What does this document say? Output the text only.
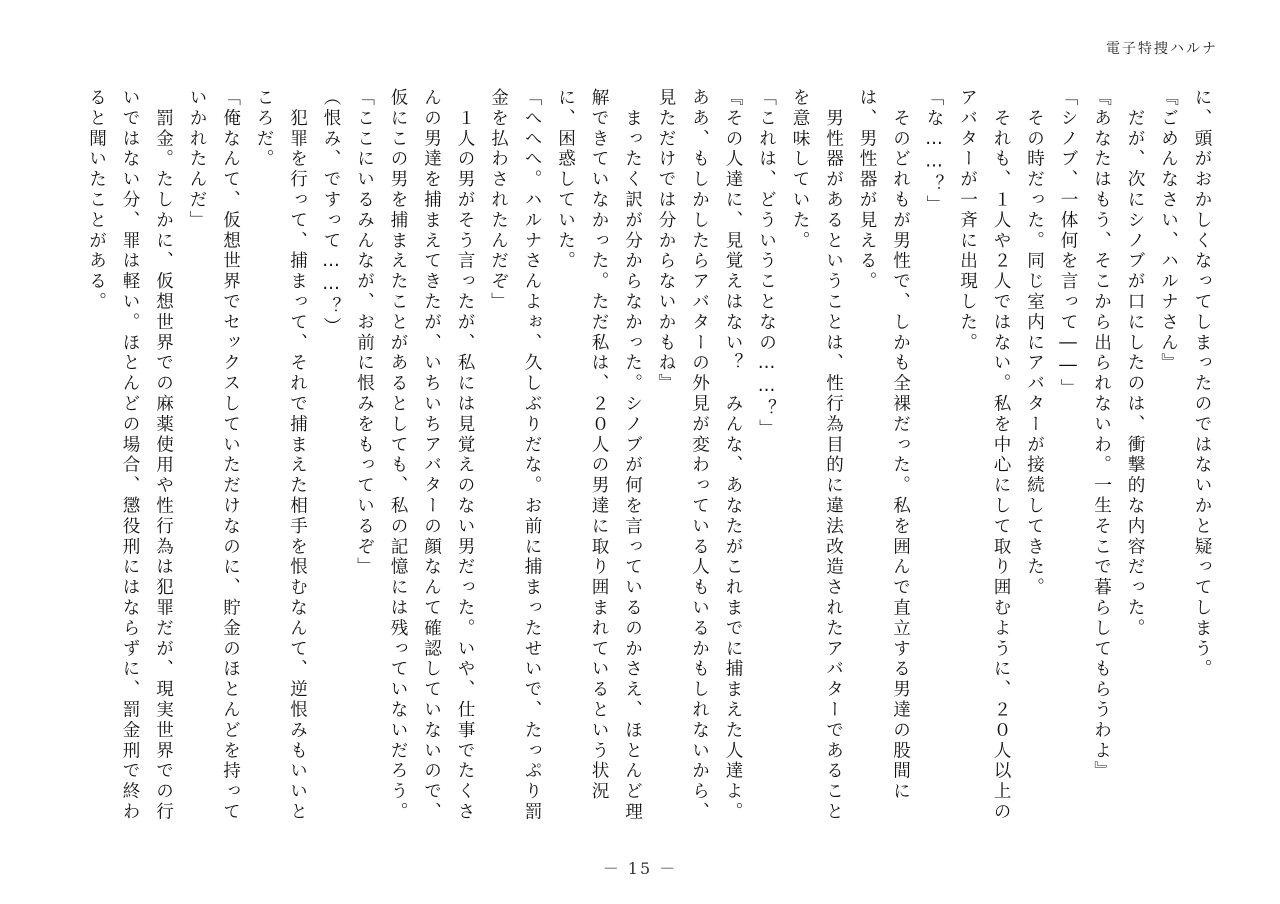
電子特捜ハルナ

に、頭がおかしくなってしまったのではないかと疑ってしまう。

『ごめんなさい、ハルナさん』

　だが、次にシノブが口にしたのは、衝撃的な内容だった。

『あなたはもう、そこから出られないわ。一生そこで暮らしてもらうわよ』

「シノブ、一体何を言って――」

　その時だった。同じ室内にアバターが接続してきた。

　それも、１人や２人ではない。私を中心にして取り囲むように、２０人以上のアバターが一斉に出現した。

「な……？」

　そのどれもが男性で、しかも全裸だった。私を囲んで直立する男達の股間には、男性器が見える。

　男性器があるということは、性行為目的に違法改造されたアバターであることを意味していた。

「これは、どういうことなの……？」

『その人達に、見覚えはない？　みんな、あなたがこれまでに捕まえた人達よ。ああ、もしかしたらアバターの外見が変わっている人もいるかもしれないから、見ただけでは分からないかもね』

　まったく訳が分からなかった。シノブが何を言っているのかさえ、ほとんど理解できていなかった。ただ私は、２０人の男達に取り囲まれているという状況に、困惑していた。

「へへへ。ハルナさんよぉ、久しぶりだな。お前に捕まったせいで、たっぷり罰金を払わされたんだぞ」

　１人の男がそう言ったが、私には見覚えのない男だった。いや、仕事でたくさんの男達を捕まえてきたが、いちいちアバターの顔なんて確認していないので、仮にこの男を捕まえたことがあるとしても、私の記憶には残っていないだろう。

「ここにいるみんなが、お前に恨みをもっているぞ」

（恨み、ですって……？）

　犯罪を行って、捕まって、それで捕まえた相手を恨むなんて、逆恨みもいいところだ。

「俺なんて、仮想世界でセックスしていただけなのに、貯金のほとんどを持っていかれたんだ」

　罰金。たしかに、仮想世界での麻薬使用や性行為は犯罪だが、現実世界での行いではない分、罪は軽い。ほとんどの場合、懲役刑にはならずに、罰金刑で終わると聞いたことがある。

－ 15 －
